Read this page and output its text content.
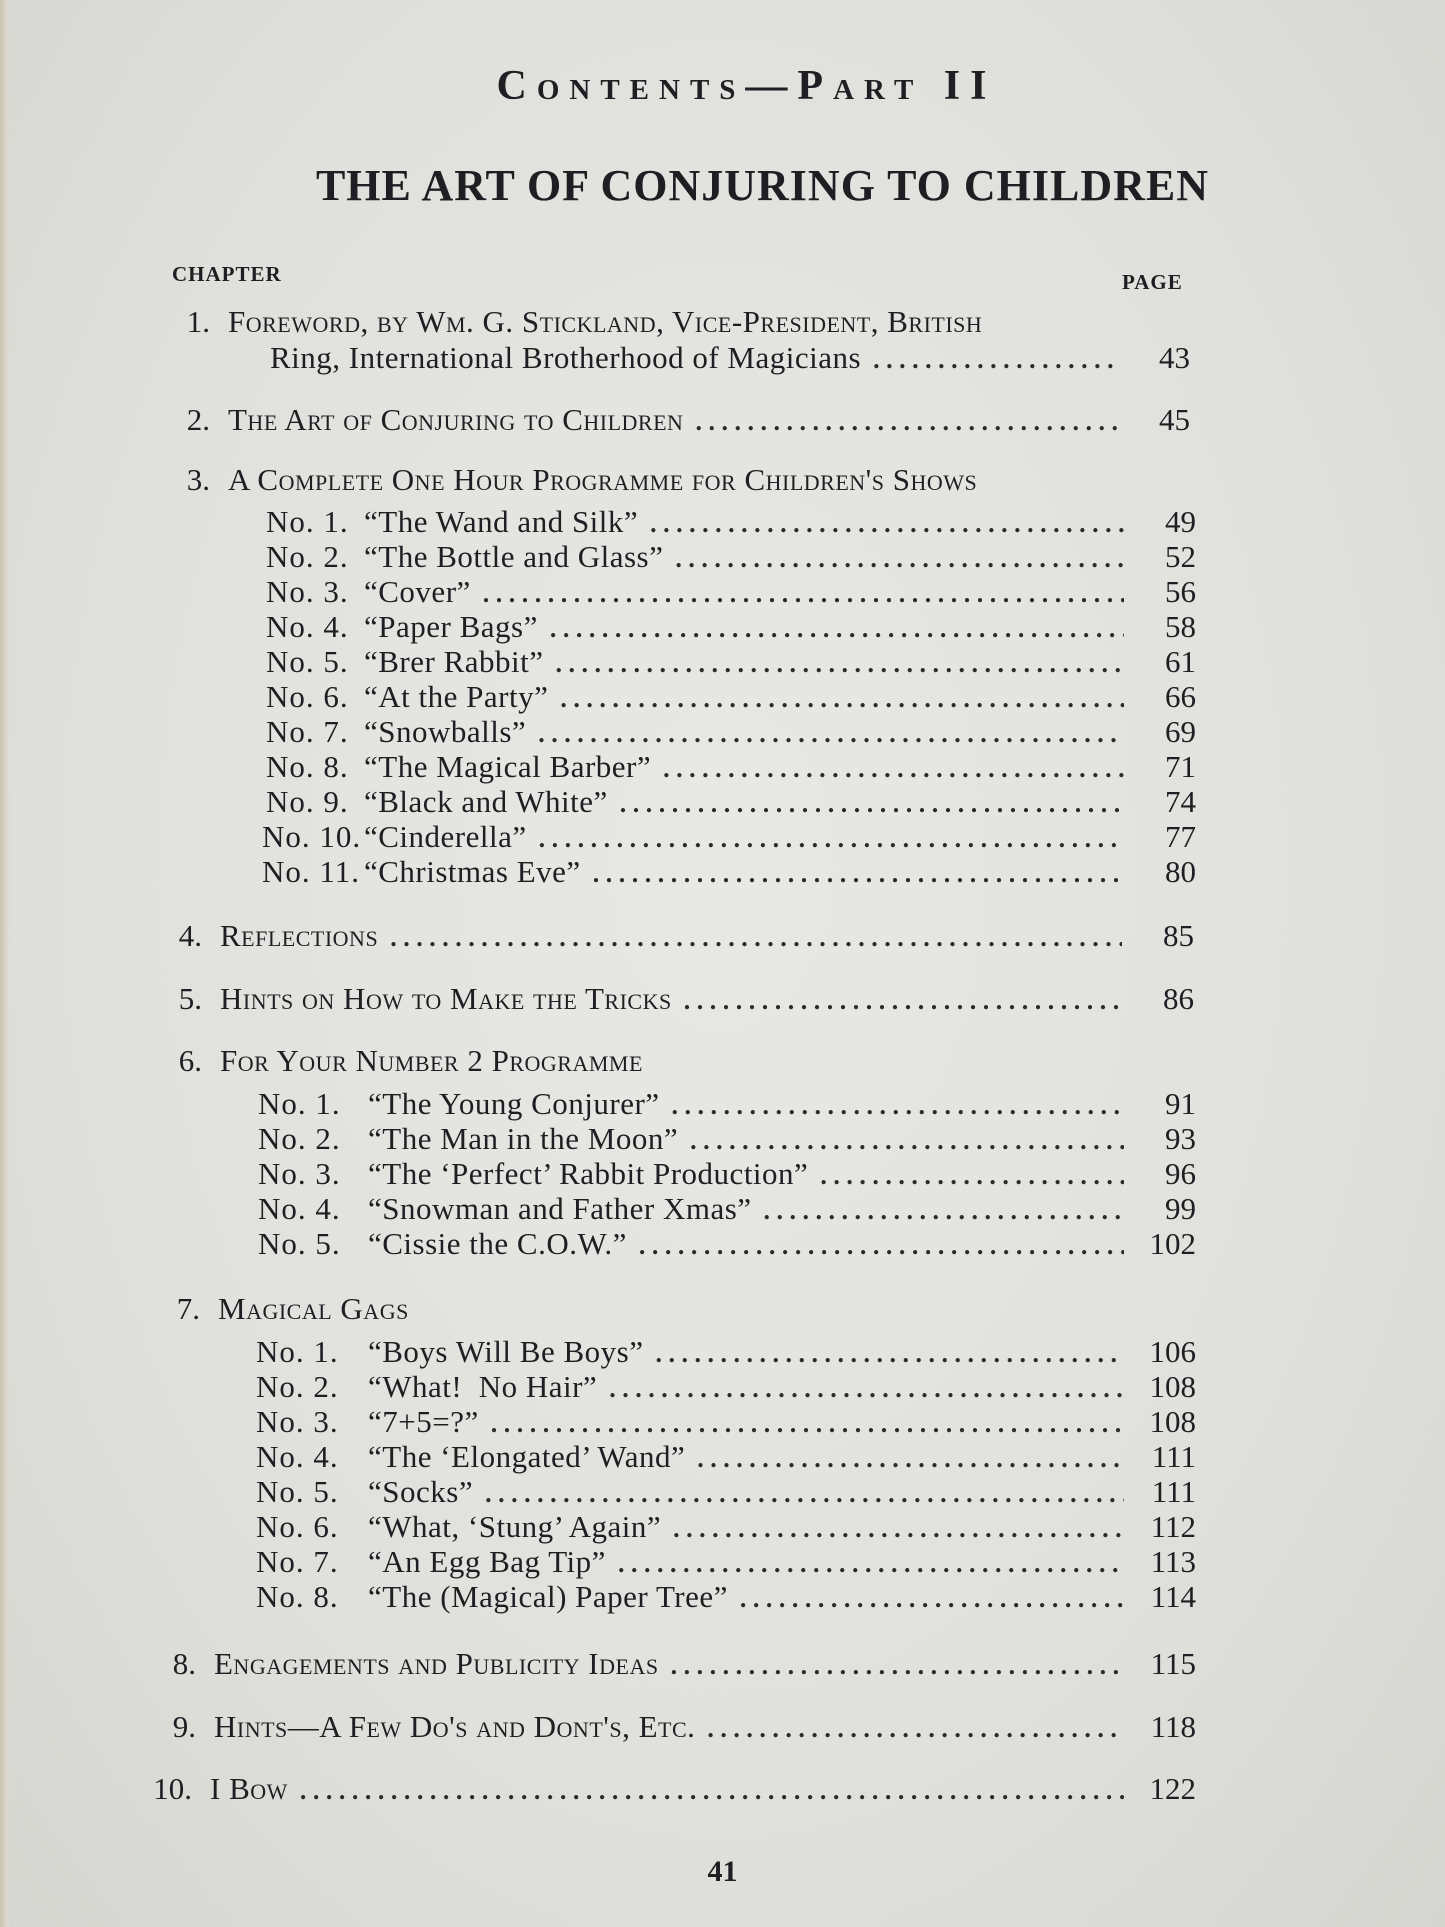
Contents—Part II
THE ART OF CONJURING TO CHILDREN
CHAPTER	PAGE
1. Foreword, by Wm. G. Stickland, Vice-President, British
Ring, International Brotherhood of Magicians . . .	43
2. The Art of Conjuring to Children . . .	45
3. A Complete One Hour Programme for Children's Shows
No. 1. “The Wand and Silk” . . .	49
No. 2. “The Bottle and Glass” . . .	52
No. 3. “Cover” . . .	56
No. 4. “Paper Bags” . . .	58
No. 5. “Brer Rabbit” . . .	61
No. 6. “At the Party” . . .	66
No. 7. “Snowballs” . . .	69
No. 8. “The Magical Barber” . . .	71
No. 9. “Black and White” . . .	74
No. 10. “Cinderella” . . .	77
No. 11. “Christmas Eve” . . .	80
4. Reflections . . .	85
5. Hints on How to Make the Tricks . . .	86
6. For Your Number 2 Programme
No. 1. “The Young Conjurer” . . .	91
No. 2. “The Man in the Moon” . . .	93
No. 3. “The ‘Perfect’ Rabbit Production” . . .	96
No. 4. “Snowman and Father Xmas” . . .	99
No. 5. “Cissie the C.O.W.” . . .	102
7. Magical Gags
No. 1. “Boys Will Be Boys” . . .	106
No. 2. “What!  No Hair” . . .	108
No. 3. “7+5=?” . . .	108
No. 4. “The ‘Elongated’ Wand” . . .	111
No. 5. “Socks” . . .	111
No. 6. “What, ‘Stung’ Again” . . .	112
No. 7. “An Egg Bag Tip” . . .	113
No. 8. “The (Magical) Paper Tree” . . .	114
8. Engagements and Publicity Ideas . . .	115
9. Hints—A Few Do's and Dont's, Etc. . . .	118
10. I Bow . . .	122
41
